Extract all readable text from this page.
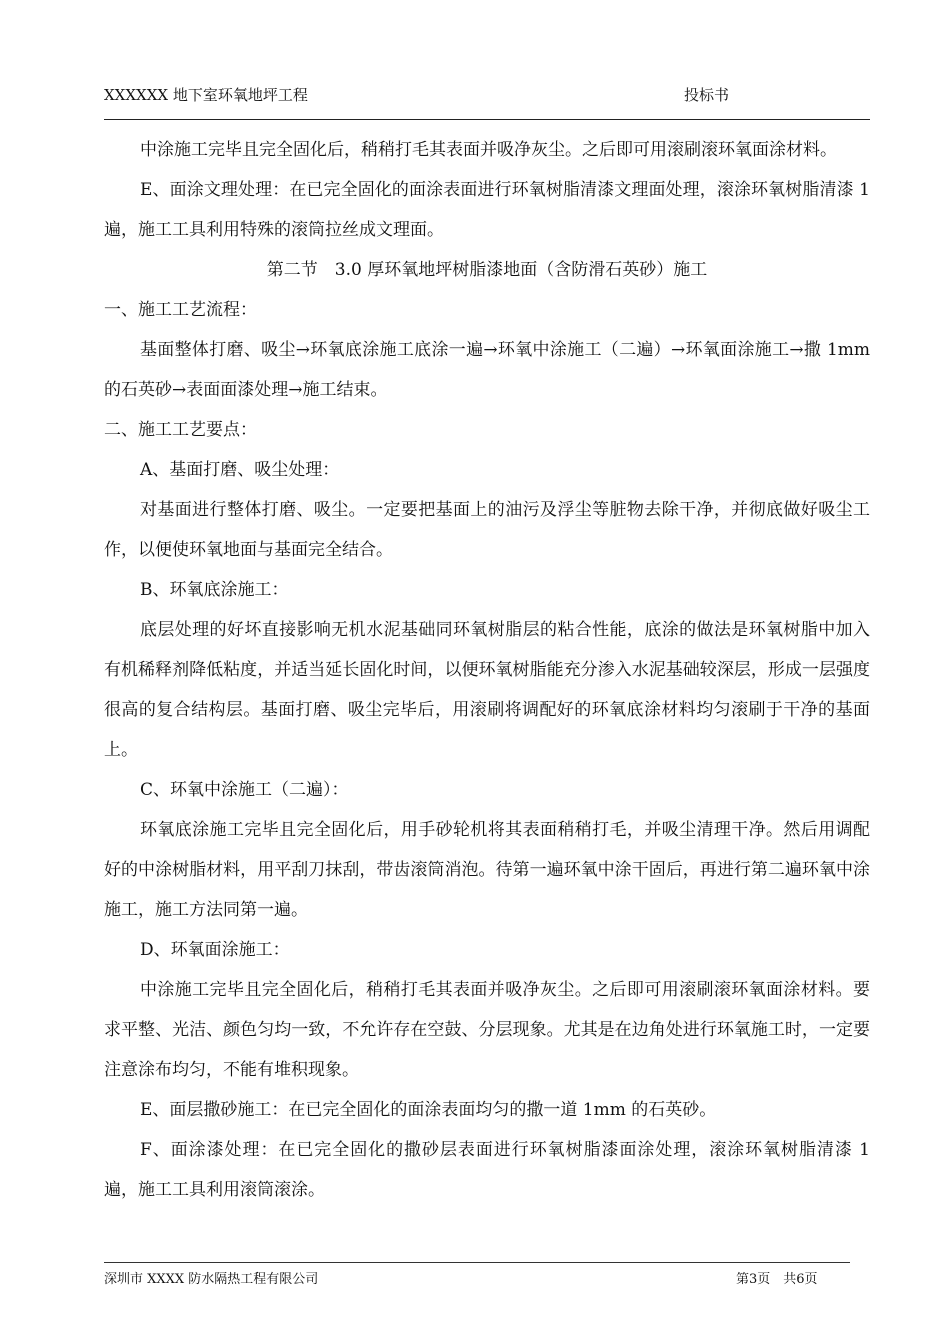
XXXXXX 地下室环氧地坪工程	投标书

中涂施工完毕且完全固化后，稍稍打毛其表面并吸净灰尘。之后即可用滚刷滚环氧面涂材料。

E、面涂文理处理：在已完全固化的面涂表面进行环氧树脂清漆文理面处理，滚涂环氧树脂清漆 1 遍，施工工具利用特殊的滚筒拉丝成文理面。

第二节　3.0 厚环氧地坪树脂漆地面（含防滑石英砂）施工

一、施工工艺流程：

基面整体打磨、吸尘→环氧底涂施工底涂一遍→环氧中涂施工（二遍）→环氧面涂施工→撒 1mm 的石英砂→表面面漆处理→施工结束。

二、施工工艺要点：

A、基面打磨、吸尘处理：

对基面进行整体打磨、吸尘。一定要把基面上的油污及浮尘等脏物去除干净，并彻底做好吸尘工作，以便使环氧地面与基面完全结合。

B、环氧底涂施工：

底层处理的好坏直接影响无机水泥基础同环氧树脂层的粘合性能，底涂的做法是环氧树脂中加入有机稀释剂降低粘度，并适当延长固化时间，以便环氧树脂能充分渗入水泥基础较深层，形成一层强度很高的复合结构层。基面打磨、吸尘完毕后，用滚刷将调配好的环氧底涂材料均匀滚刷于干净的基面上。

C、环氧中涂施工（二遍）：

环氧底涂施工完毕且完全固化后，用手砂轮机将其表面稍稍打毛，并吸尘清理干净。然后用调配好的中涂树脂材料，用平刮刀抹刮，带齿滚筒消泡。待第一遍环氧中涂干固后，再进行第二遍环氧中涂施工，施工方法同第一遍。

D、环氧面涂施工：

中涂施工完毕且完全固化后，稍稍打毛其表面并吸净灰尘。之后即可用滚刷滚环氧面涂材料。要求平整、光洁、颜色匀均一致，不允许存在空鼓、分层现象。尤其是在边角处进行环氧施工时，一定要注意涂布均匀，不能有堆积现象。

E、面层撒砂施工：在已完全固化的面涂表面均匀的撒一道 1mm 的石英砂。

F、面涂漆处理：在已完全固化的撒砂层表面进行环氧树脂漆面涂处理，滚涂环氧树脂清漆 1 遍，施工工具利用滚筒滚涂。

深圳市 XXXX 防水隔热工程有限公司	第3页　共6页
